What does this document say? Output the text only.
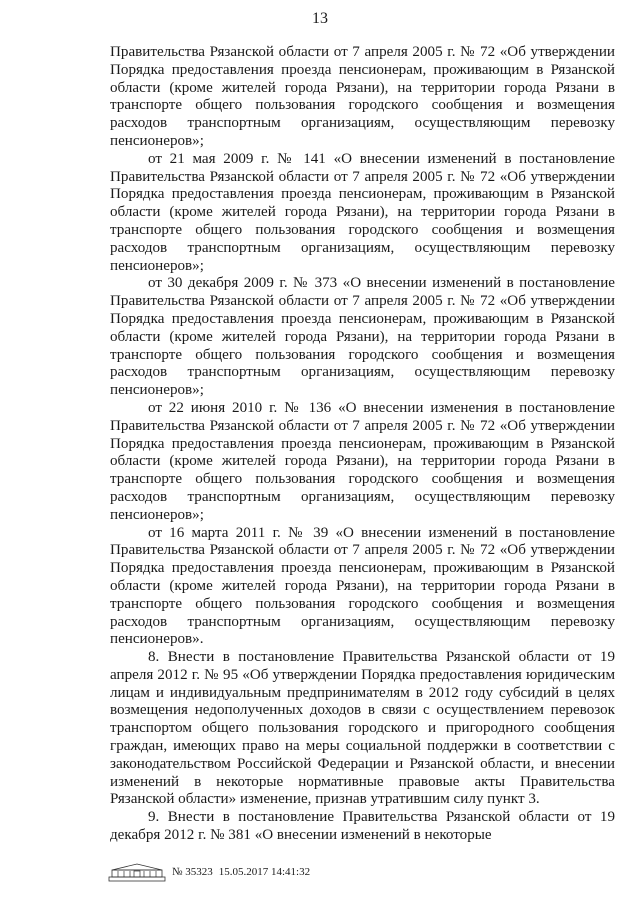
13

Правительства Рязанской области от 7 апреля 2005 г. № 72 «Об утверждении Порядка предоставления проезда пенсионерам, проживающим в Рязанской области (кроме жителей города Рязани), на территории города Рязани в транспорте общего пользования городского сообщения и возмещения расходов транспортным организациям, осуществляющим перевозку пенсионеров»;

от 21 мая 2009 г. № 141 «О внесении изменений в постановление Правительства Рязанской области от 7 апреля 2005 г. № 72 «Об утверждении Порядка предоставления проезда пенсионерам, проживающим в Рязанской области (кроме жителей города Рязани), на территории города Рязани в транспорте общего пользования городского сообщения и возмещения расходов транспортным организациям, осуществляющим перевозку пенсионеров»;

от 30 декабря 2009 г. № 373 «О внесении изменений в постановление Правительства Рязанской области от 7 апреля 2005 г. № 72 «Об утверждении Порядка предоставления проезда пенсионерам, проживающим в Рязанской области (кроме жителей города Рязани), на территории города Рязани в транспорте общего пользования городского сообщения и возмещения расходов транспортным организациям, осуществляющим перевозку пенсионеров»;

от 22 июня 2010 г. № 136 «О внесении изменения в постановление Правительства Рязанской области от 7 апреля 2005 г. № 72 «Об утверждении Порядка предоставления проезда пенсионерам, проживающим в Рязанской области (кроме жителей города Рязани), на территории города Рязани в транспорте общего пользования городского сообщения и возмещения расходов транспортным организациям, осуществляющим перевозку пенсионеров»;

от 16 марта 2011 г. № 39 «О внесении изменений в постановление Правительства Рязанской области от 7 апреля 2005 г. № 72 «Об утверждении Порядка предоставления проезда пенсионерам, проживающим в Рязанской области (кроме жителей города Рязани), на территории города Рязани в транспорте общего пользования городского сообщения и возмещения расходов транспортным организациям, осуществляющим перевозку пенсионеров».

8. Внести в постановление Правительства Рязанской области от 19 апреля 2012 г. № 95 «Об утверждении Порядка предоставления юридическим лицам и индивидуальным предпринимателям в 2012 году субсидий в целях возмещения недополученных доходов в связи с осуществлением перевозок транспортом общего пользования городского и пригородного сообщения граждан, имеющих право на меры социальной поддержки в соответствии с законодательством Российской Федерации и Рязанской области, и внесении изменений в некоторые нормативные правовые акты Правительства Рязанской области» изменение, признав утратившим силу пункт 3.

9. Внести в постановление Правительства Рязанской области от 19 декабря 2012 г. № 381 «О внесении изменений в некоторые

№ 35323 15.05.2017 14:41:32
